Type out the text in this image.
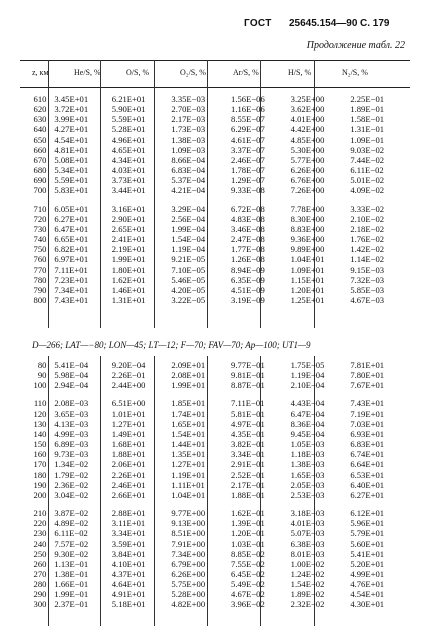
ГОСТ 25645.154—90 С. 179
Продолжение табл. 22
z, км	He/S, %	O/S, %	O₂/S, %	Ar/S, %	H/S, %	N₂/S, %
610	3.45E+01	6.21E+01	3.35E−03	1.56E−06	3.25E+00	2.25E−01
620	3.72E+01	5.90E+01	2.70E−03	1.16E−06	3.62E+00	1.89E−01
630	3.99E+01	5.59E+01	2.17E−03	8.55E−07	4.01E+00	1.58E−01
640	4.27E+01	5.28E+01	1.73E−03	6.29E−07	4.42E+00	1.31E−01
650	4.54E+01	4.96E+01	1.38E−03	4.61E−07	4.85E+00	1.09E−01
660	4.81E+01	4.65E+01	1.09E−03	3.37E−07	5.30E+00	9.03E−02
670	5.08E+01	4.34E+01	8.66E−04	2.46E−07	5.77E+00	7.44E−02
680	5.34E+01	4.03E+01	6.83E−04	1.78E−07	6.26E+00	6.11E−02
690	5.59E+01	3.73E+01	5.37E−04	1.29E−07	6.76E+00	5.01E−02
700	5.83E+01	3.44E+01	4.21E−04	9.33E−08	7.26E+00	4.09E−02

710	6.05E+01	3.16E+01	3.29E−04	6.72E−08	7.78E+00	3.33E−02
720	6.27E+01	2.90E+01	2.56E−04	4.83E−08	8.30E+00	2.10E−02
730	6.47E+01	2.65E+01	1.99E−04	3.46E−08	8.83E+00	2.18E−02
740	6.65E+01	2.41E+01	1.54E−04	2.47E−08	9.36E+00	1.76E−02
750	6.82E+01	2.19E+01	1.19E−04	1.77E−08	9.89E+00	1.42E−02
760	6.97E+01	1.99E+01	9.21E−05	1.26E−08	1.04E+01	1.14E−02
770	7.11E+01	1.80E+01	7.10E−05	8.94E−09	1.09E+01	9.15E−03
780	7.23E+01	1.62E+01	5.46E−05	6.35E−09	1.15E+01	7.32E−03
790	7.34E+01	1.46E+01	4.20E−05	4.51E−09	1.20E+01	5.85E−03
800	7.43E+01	1.31E+01	3.22E−05	3.19E−09	1.25E+01	4.67E−03
D—266; LAT—−80; LON—45; LT—12; F—70; FAV—70; Ap—100; UT1—9
80	5.41E−04	9.20E−04	2.09E+01	9.77E−01	1.75E−05	7.81E+01
90	5.98E−04	2.26E−01	2.08E+01	9.81E−01	1.19E−04	7.80E+01
100	2.94E−04	2.44E+00	1.99E+01	8.87E−01	2.10E−04	7.67E+01

110	2.08E−03	6.51E+00	1.85E+01	7.11E−01	4.43E−04	7.43E+01
120	3.65E−03	1.01E+01	1.74E+01	5.81E−01	6.47E−04	7.19E+01
130	4.13E−03	1.27E+01	1.65E+01	4.97E−01	8.36E−04	7.03E+01
140	4.99E−03	1.49E+01	1.54E+01	4.35E−01	9.45E−04	6.93E+01
150	6.89E−03	1.68E+01	1.44E+01	3.82E−01	1.05E−03	6.83E+01
160	9.73E−03	1.88E+01	1.35E+01	3.34E−01	1.18E−03	6.74E+01
170	1.34E−02	2.06E+01	1.27E+01	2.91E−01	1.38E−03	6.64E+01
180	1.79E−02	2.26E+01	1.19E+01	2.52E−01	1.65E−03	6.53E+01
190	2.36E−02	2.46E+01	1.11E+01	2.17E−01	2.05E−03	6.40E+01
200	3.04E−02	2.66E+01	1.04E+01	1.88E−01	2.53E−03	6.27E+01

210	3.87E−02	2.88E+01	9.77E+00	1.62E−01	3.18E−03	6.12E+01
220	4.89E−02	3.11E+01	9.13E+00	1.39E−01	4.01E−03	5.96E+01
230	6.11E−02	3.34E+01	8.51E+00	1.20E−01	5.07E−03	5.79E+01
240	7.57E−02	3.59E+01	7.91E+00	1.03E−01	6.38E−03	5.60E+01
250	9.30E−02	3.84E+01	7.34E+00	8.85E−02	8.01E−03	5.41E+01
260	1.13E−01	4.10E+01	6.79E+00	7.55E−02	1.00E−02	5.20E+01
270	1.38E−01	4.37E+01	6.26E+00	6.45E−02	1.24E−02	4.99E+01
280	1.66E−01	4.64E+01	5.75E+00	5.49E−02	1.54E−02	4.76E+01
290	1.99E−01	4.91E+01	5.28E+00	4.67E−02	1.89E−02	4.54E+01
300	2.37E−01	5.18E+01	4.82E+00	3.96E−02	2.32E−02	4.30E+01
